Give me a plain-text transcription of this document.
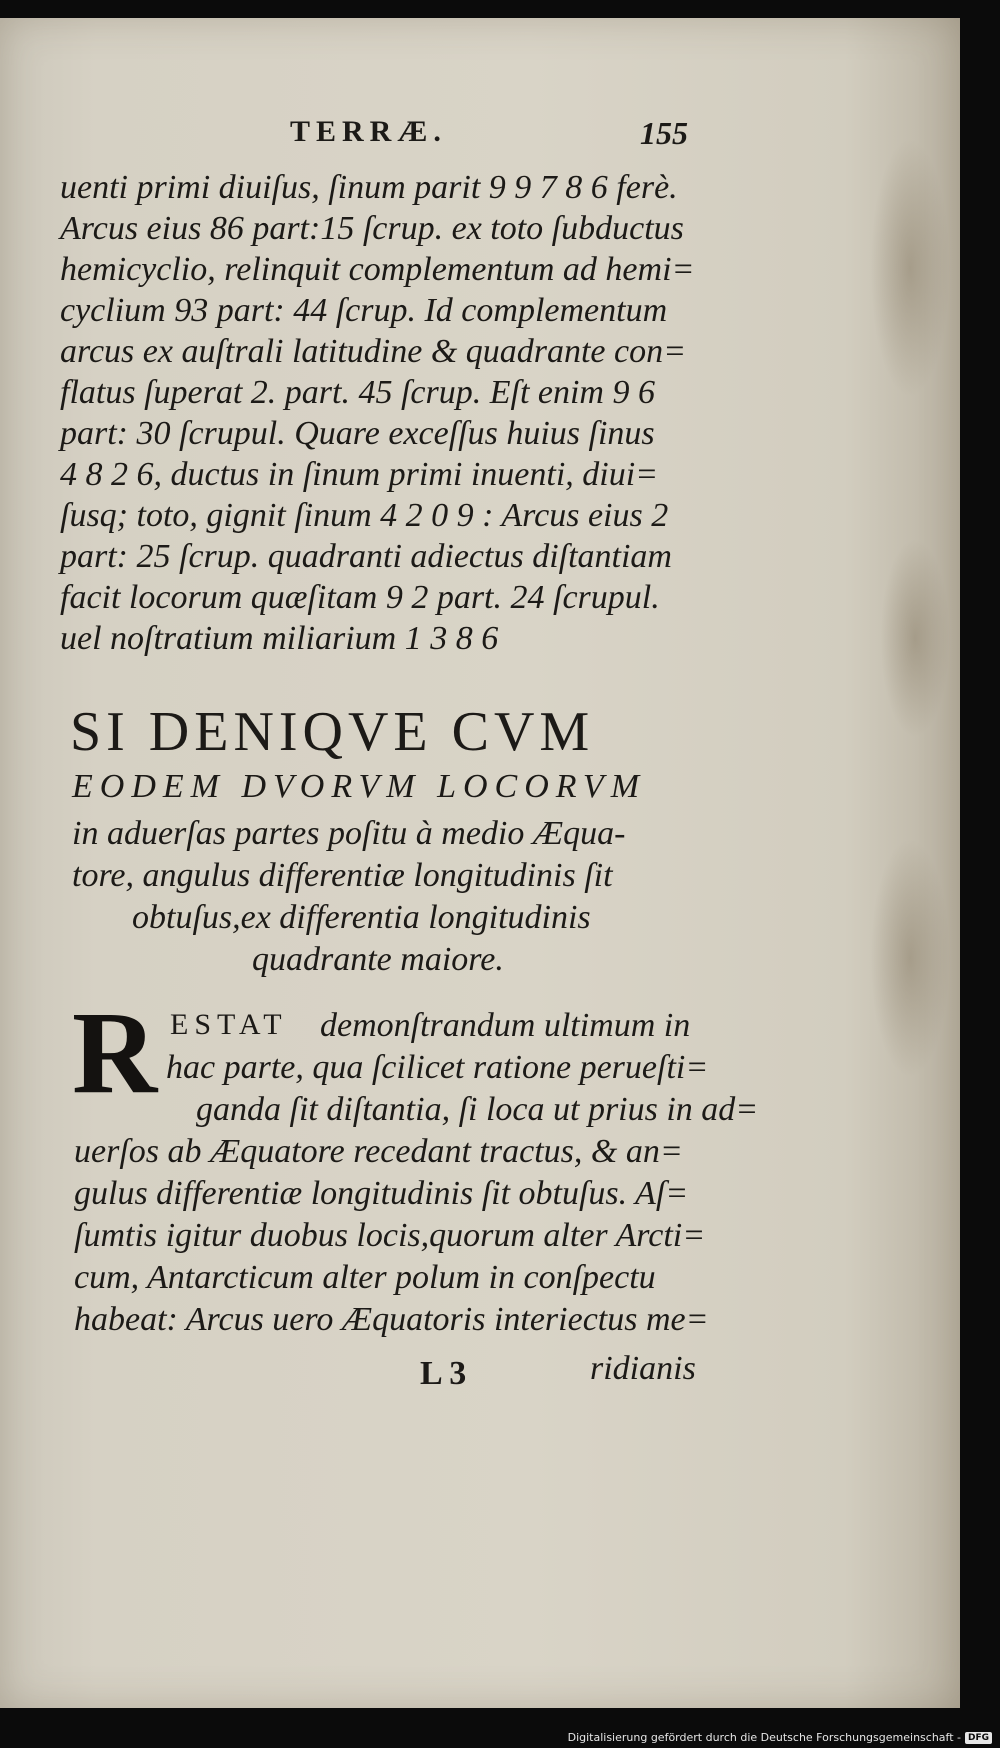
TERRÆ.	155
uenti primi diuiſus, ſinum parit 9 9 7 8 6 ferè.
Arcus eius 86 part:15 ſcrup. ex toto ſubductus
hemicyclio, relinquit complementum ad hemi=
cyclium 93 part: 44 ſcrup. Id complementum
arcus ex auſtrali latitudine & quadrante con=
flatus ſuperat 2. part. 45 ſcrup. Eſt enim 9 6
part: 30 ſcrupul. Quare exceſſus huius ſinus
4 8 2 6, ductus in ſinum primi inuenti, diui=
ſusq; toto, gignit ſinum 4 2 0 9 : Arcus eius 2
part: 25 ſcrup. quadranti adiectus diſtantiam
facit locorum quæſitam 9 2 part. 24 ſcrupul.
uel noſtratium miliarium 1 3 8 6
SI DENIQVE CVM
EODEM DVORVM LOCORVM
in aduerſas partes poſitu à medio Æqua-
tore, angulus differentiæ longitudinis ſit
obtuſus,ex differentia longitudinis
quadrante maiore.
R ESTAT demonſtrandum ultimum in
hac parte, qua ſcilicet ratione perueſti=
ganda ſit diſtantia, ſi loca ut prius in ad=
uerſos ab Æquatore recedant tractus, & an=
gulus differentiæ longitudinis ſit obtuſus. Aſ=
ſumtis igitur duobus locis,quorum alter Arcti=
cum, Antarcticum alter polum in conſpectu
habeat: Arcus uero Æquatoris interiectus me=
L 3	ridianis
Digitalisierung gefördert durch die Deutsche Forschungsgemeinschaft - DFG
